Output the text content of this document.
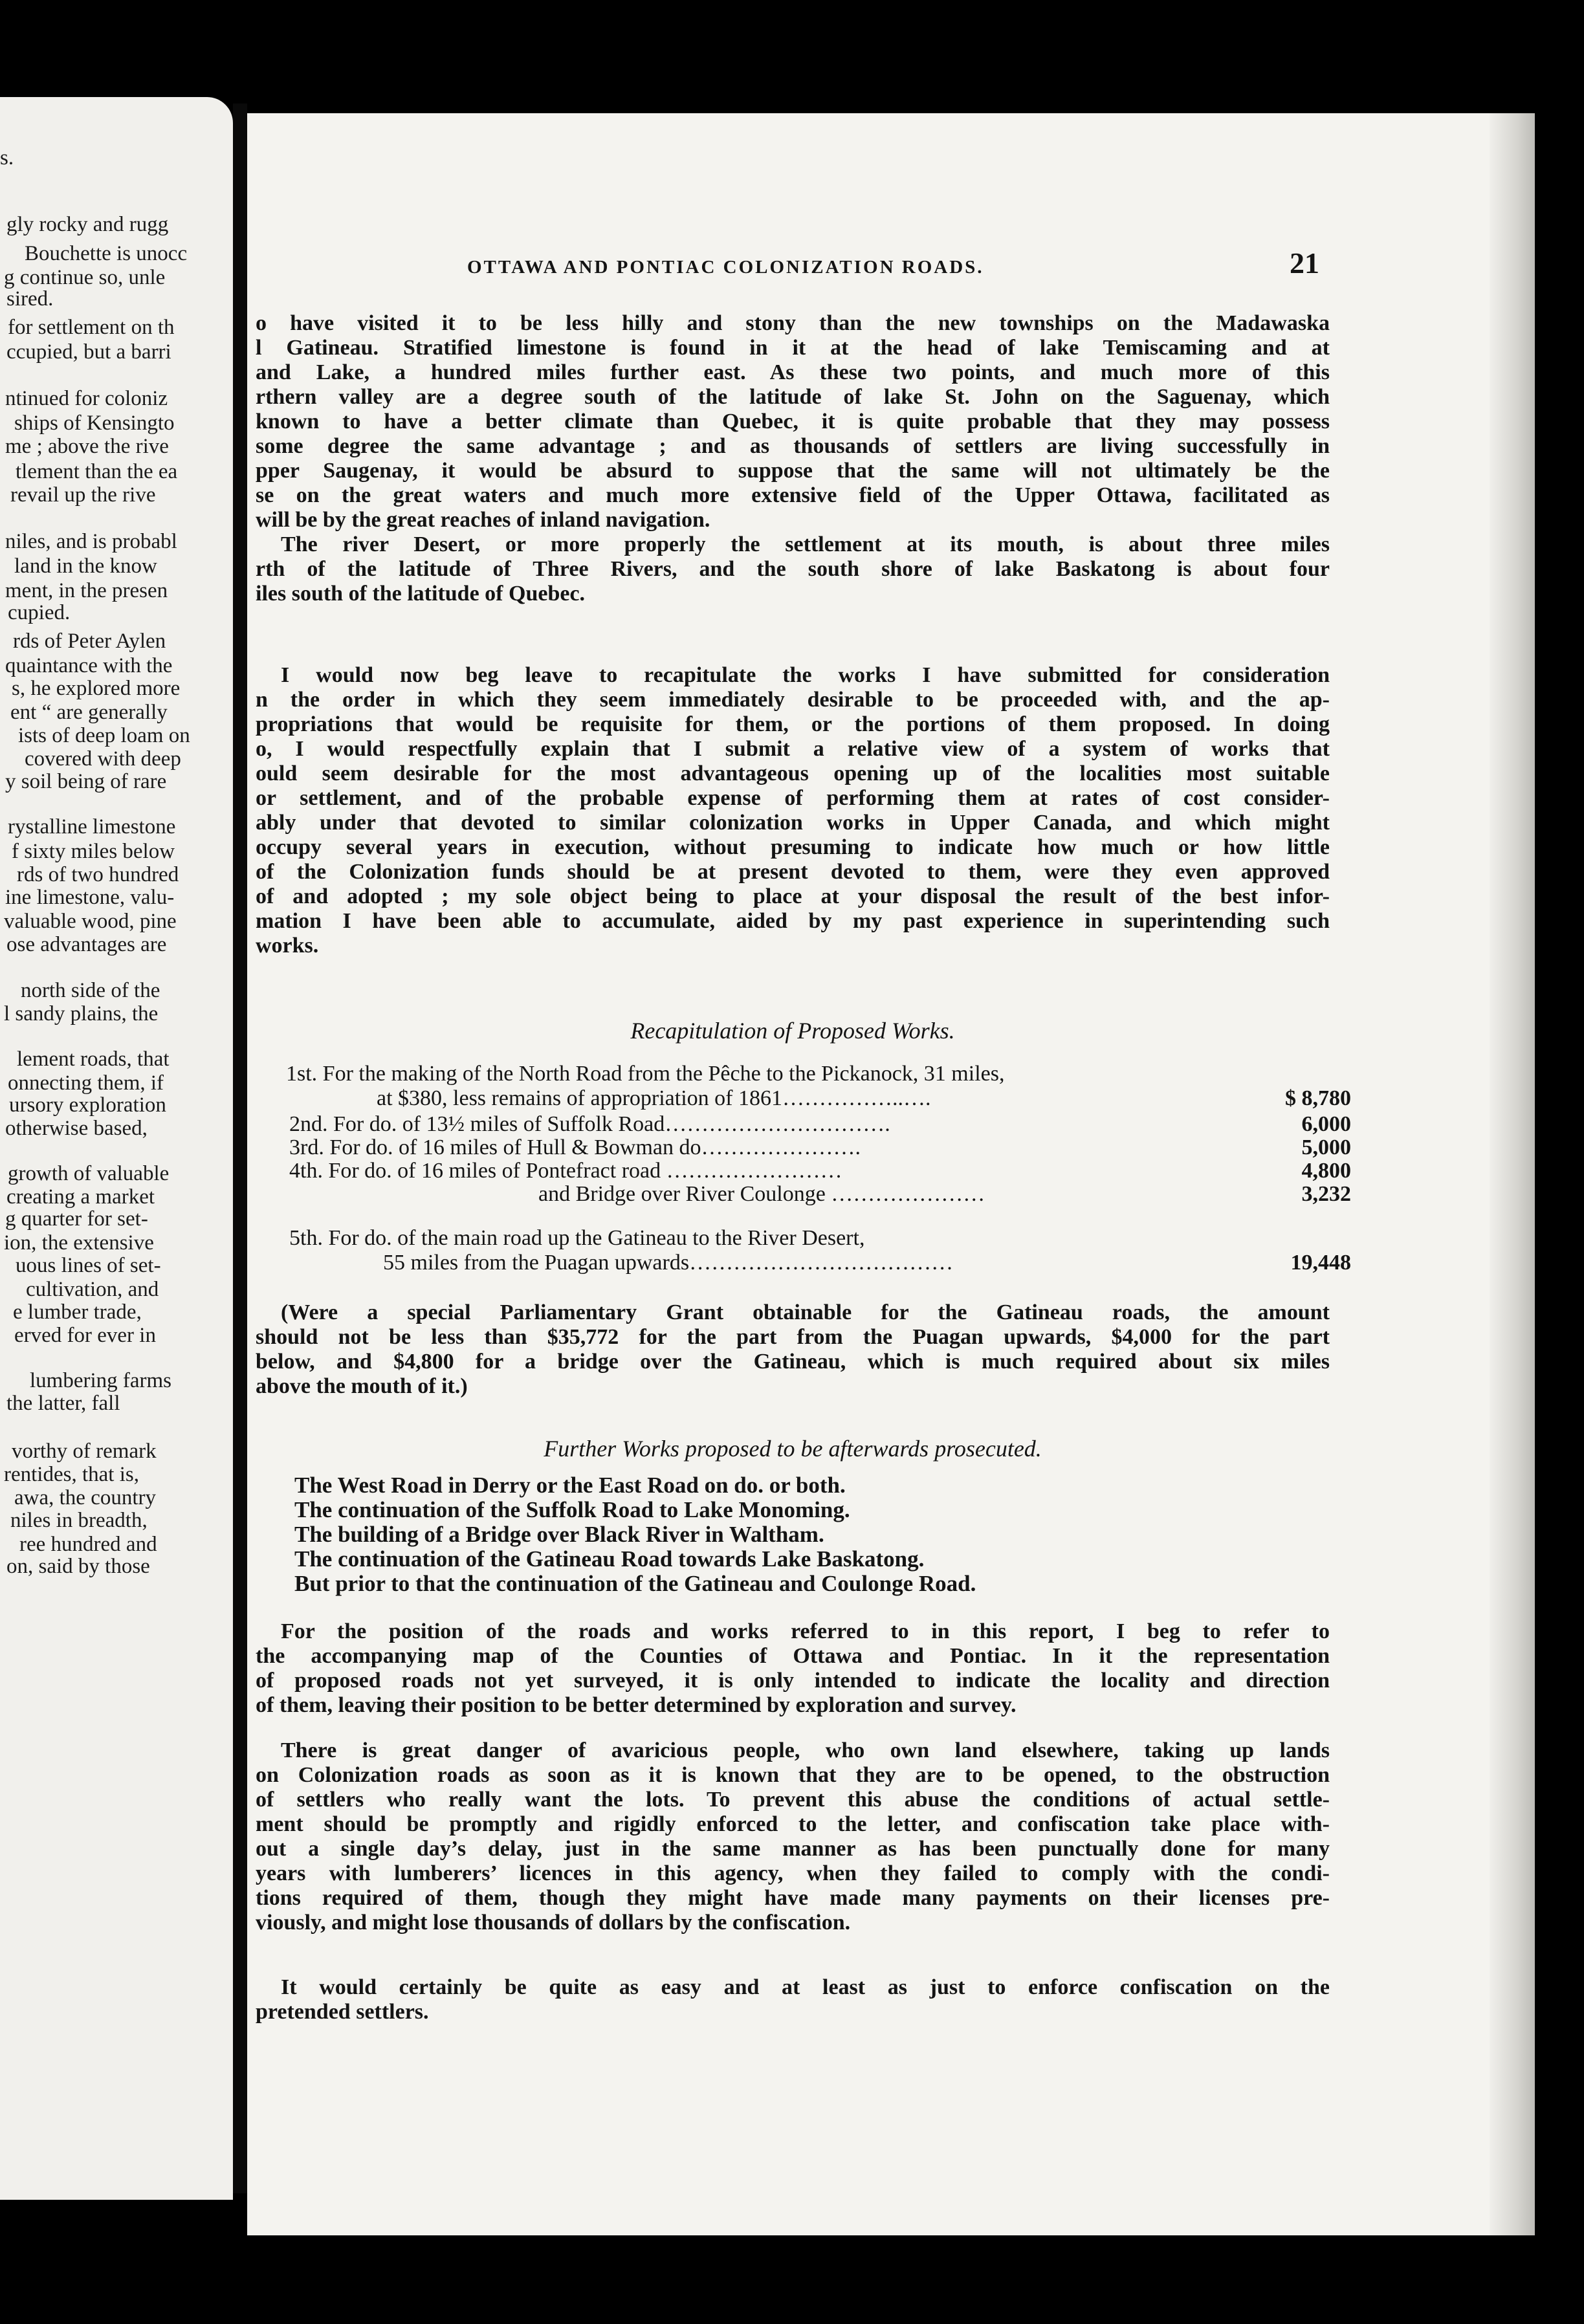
s.
gly rocky and rugg
Bouchette is unocc
g continue so, unle
sired.
for settlement on th
ccupied, but a barri
ntinued for coloniz
ships of Kensingto
me ; above the rive
tlement than the ea
revail up the rive
niles, and is probabl
land in the know
ment, in the presen
cupied.
rds of Peter Aylen
quaintance with the
s, he explored more
ent “ are generally
ists of deep loam on
covered with deep
y soil being of rare
rystalline limestone
f sixty miles below
rds of two hundred
ine limestone, valu-
valuable wood, pine
ose advantages are
north side of the
l sandy plains, the
lement roads, that
onnecting them, if
ursory exploration
otherwise based,
growth of valuable
creating a market
g quarter for set-
ion, the extensive
uous lines of set-
cultivation, and
e lumber trade,
erved for ever in
lumbering farms
the latter, fall
vorthy of remark
rentides, that is,
awa, the country
niles in breadth,
ree hundred and
on, said by those
OTTAWA AND PONTIAC COLONIZATION ROADS.	21
o have visited it to be less hilly and stony than the new townships on the Madawaska
l Gatineau. Stratified limestone is found in it at the head of lake Temiscaming and at
and Lake, a hundred miles further east. As these two points, and much more of this
rthern valley are a degree south of the latitude of lake St. John on the Saguenay, which
known to have a better climate than Quebec, it is quite probable that they may possess
some degree the same advantage ; and as thousands of settlers are living successfully in
pper Saugenay, it would be absurd to suppose that the same will not ultimately be the
se on the great waters and much more extensive field of the Upper Ottawa, facilitated as
will be by the great reaches of inland navigation.
The river Desert, or more properly the settlement at its mouth, is about three miles
rth of the latitude of Three Rivers, and the south shore of lake Baskatong is about four
iles south of the latitude of Quebec.
I would now beg leave to recapitulate the works I have submitted for consideration
n the order in which they seem immediately desirable to be proceeded with, and the ap-
propriations that would be requisite for them, or the portions of them proposed. In doing
o, I would respectfully explain that I submit a relative view of a system of works that
ould seem desirable for the most advantageous opening up of the localities most suitable
or settlement, and of the probable expense of performing them at rates of cost consider-
ably under that devoted to similar colonization works in Upper Canada, and which might
occupy several years in execution, without presuming to indicate how much or how little
of the Colonization funds should be at present devoted to them, were they even approved
of and adopted ; my sole object being to place at your disposal the result of the best infor-
mation I have been able to accumulate, aided by my past experience in superintending such
works.
Recapitulation of Proposed Works.
1st. For the making of the North Road from the Pêche to the Pickanock, 31 miles,
at $380, less remains of appropriation of 1861……………..….	$ 8,780
2nd. For do. of 13½ miles of Suffolk Road………………………….	6,000
3rd. For do. of 16 miles of Hull & Bowman do………………….	5,000
4th. For do. of 16 miles of Pontefract road ……………………	4,800
and Bridge over River Coulonge …………………	3,232
5th. For do. of the main road up the Gatineau to the River Desert,
55 miles from the Puagan upwards………………………………	19,448
(Were a special Parliamentary Grant obtainable for the Gatineau roads, the amount
should not be less than $35,772 for the part from the Puagan upwards, $4,000 for the part
below, and $4,800 for a bridge over the Gatineau, which is much required about six miles
above the mouth of it.)
Further Works proposed to be afterwards prosecuted.
The West Road in Derry or the East Road on do. or both.
The continuation of the Suffolk Road to Lake Monoming.
The building of a Bridge over Black River in Waltham.
The continuation of the Gatineau Road towards Lake Baskatong.
But prior to that the continuation of the Gatineau and Coulonge Road.
For the position of the roads and works referred to in this report, I beg to refer to
the accompanying map of the Counties of Ottawa and Pontiac. In it the representation
of proposed roads not yet surveyed, it is only intended to indicate the locality and direction
of them, leaving their position to be better determined by exploration and survey.
There is great danger of avaricious people, who own land elsewhere, taking up lands
on Colonization roads as soon as it is known that they are to be opened, to the obstruction
of settlers who really want the lots. To prevent this abuse the conditions of actual settle-
ment should be promptly and rigidly enforced to the letter, and confiscation take place with-
out a single day’s delay, just in the same manner as has been punctually done for many
years with lumberers’ licences in this agency, when they failed to comply with the condi-
tions required of them, though they might have made many payments on their licenses pre-
viously, and might lose thousands of dollars by the confiscation.
It would certainly be quite as easy and at least as just to enforce confiscation on the
pretended settlers.
